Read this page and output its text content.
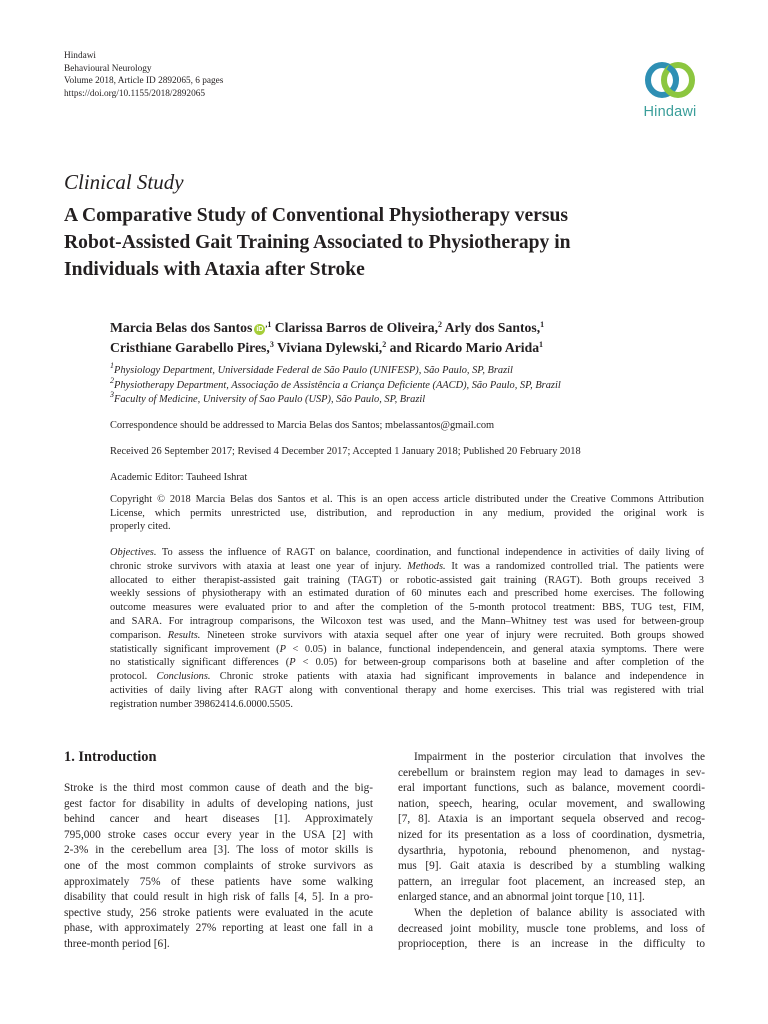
Hindawi
Behavioural Neurology
Volume 2018, Article ID 2892065, 6 pages
https://doi.org/10.1155/2018/2892065
Hindawi
Clinical Study
A Comparative Study of Conventional Physiotherapy versus
Robot-Assisted Gait Training Associated to Physiotherapy in
Individuals with Ataxia after Stroke
Marcia Belas dos Santos $iD^{,1}$ Clarissa Barros de Oliveira,$^2$ Arly dos Santos,$^1$
Cristhiane Garabello Pires,$^3$ Viviana Dylewski,$^2$ and Ricardo Mario Arida$^1$
$^1$Physiology Department, Universidade Federal de São Paulo (UNIFESP), São Paulo, SP, Brazil
$^2$Physiotherapy Department, Associação de Assistência a Criança Deficiente (AACD), São Paulo, SP, Brazil
$^3$Faculty of Medicine, University of Sao Paulo (USP), São Paulo, SP, Brazil
Correspondence should be addressed to Marcia Belas dos Santos; mbelassantos@gmail.com
Received 26 September 2017; Revised 4 December 2017; Accepted 1 January 2018; Published 20 February 2018
Academic Editor: Tauheed Ishrat
Copyright © 2018 Marcia Belas dos Santos et al. This is an open access article distributed under the Creative Commons Attribution
License, which permits unrestricted use, distribution, and reproduction in any medium, provided the original work is
properly cited.
Objectives. To assess the influence of RAGT on balance, coordination, and functional independence in activities of daily living of
chronic stroke survivors with ataxia at least one year of injury. Methods. It was a randomized controlled trial. The patients were
allocated to either therapist-assisted gait training (TAGT) or robotic-assisted gait training (RAGT). Both groups received 3
weekly sessions of physiotherapy with an estimated duration of 60 minutes each and prescribed home exercises. The following
outcome measures were evaluated prior to and after the completion of the 5-month protocol treatment: BBS, TUG test, FIM,
and SARA. For intragroup comparisons, the Wilcoxon test was used, and the Mann–Whitney test was used for between-group
comparison. Results. Nineteen stroke survivors with ataxia sequel after one year of injury were recruited. Both groups showed
statistically significant improvement (P < 0.05) in balance, functional independencein, and general ataxia symptoms. There were
no statistically significant differences (P < 0.05) for between-group comparisons both at baseline and after completion of the
protocol. Conclusions. Chronic stroke patients with ataxia had significant improvements in balance and independence in
activities of daily living after RAGT along with conventional therapy and home exercises. This trial was registered with trial
registration number 39862414.6.0000.5505.
1. Introduction
Stroke is the third most common cause of death and the big-
gest factor for disability in adults of developing nations, just
behind cancer and heart diseases [1]. Approximately
795,000 stroke cases occur every year in the USA [2] with
2-3% in the cerebellum area [3]. The loss of motor skills is
one of the most common complaints of stroke survivors as
approximately 75% of these patients have some walking
disability that could result in high risk of falls [4, 5]. In a pro-
spective study, 256 stroke patients were evaluated in the acute
phase, with approximately 27% reporting at least one fall in a
three-month period [6].
Impairment in the posterior circulation that involves the
cerebellum or brainstem region may lead to damages in sev-
eral important functions, such as balance, movement coordi-
nation, speech, hearing, ocular movement, and swallowing
[7, 8]. Ataxia is an important sequela observed and recog-
nized for its presentation as a loss of coordination, dysmetria,
dysarthria, hypotonia, rebound phenomenon, and nystag-
mus [9]. Gait ataxia is described by a stumbling walking
pattern, an irregular foot placement, an increased step, an
enlarged stance, and an abnormal joint torque [10, 11].
When the depletion of balance ability is associated with
decreased joint mobility, muscle tone problems, and loss of
proprioception, there is an increase in the difficulty to
